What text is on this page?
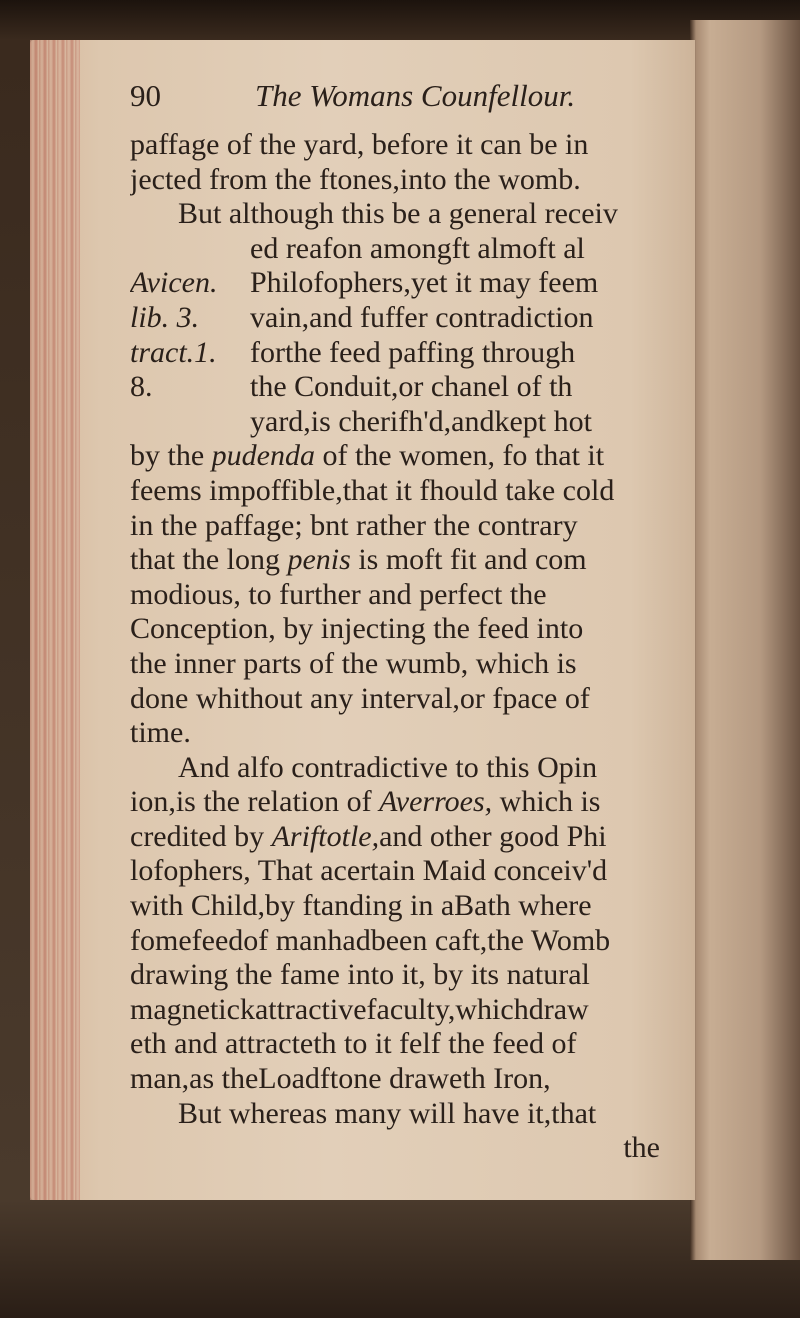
90	The Womans Counfellour.
paffage of the yard, before it can be in
jected from the ftones,into the womb.
But although this be a general receiv
ed reafon amongft almoft al
Avicen. Philofophers,yet it may feem
lib. 3. vain,and fuffer contradiction
tract.1. forthe feed paffing through
8.	the Conduit,or chanel of th
yard,is cherifh'd,andkept hot
by the pudenda of the women, fo that it
feems impoffible,that it fhould take cold
in the paffage; bnt rather the contrary
that the long penis is moft fit and com
modious, to further and perfect the
Conception, by injecting the feed into
the inner parts of the wumb, which is
done whithout any interval,or fpace of
time.
And alfo contradictive to this Opin
ion,is the relation of Averroes, which is
credited by Ariftotle,and other good Phi
lofophers, That acertain Maid conceiv'd
with Child,by ftanding in aBath where
fomefeedof manhadbeen caft,the Womb
drawing the fame into it, by its natural
magnetickattractivefaculty,whichdraw
eth and attracteth to it felf the feed of
man,as theLoadftone draweth Iron,
But whereas many will have it,that
the
